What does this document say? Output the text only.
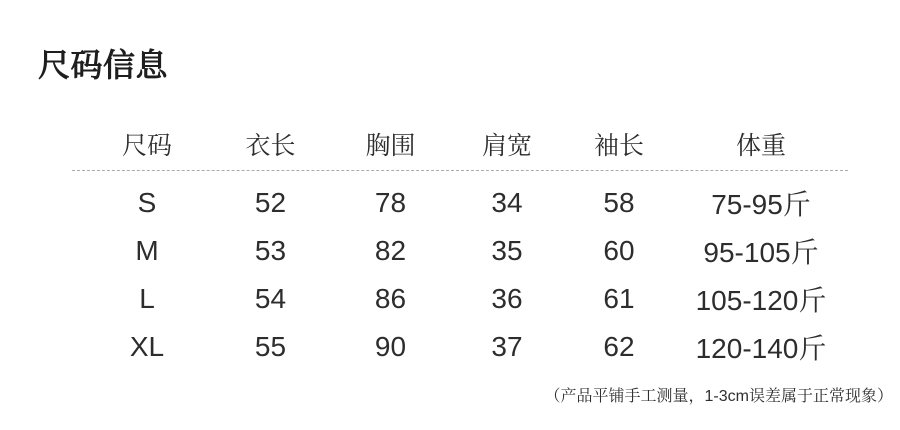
尺码信息
尺码	衣长	胸围	肩宽	袖长	体重
S	52	78	34	58	75-95斤
M	53	82	35	60	95-105斤
L	54	86	36	61	105-120斤
XL	55	90	37	62	120-140斤
（产品平铺手工测量，1-3cm误差属于正常现象）
